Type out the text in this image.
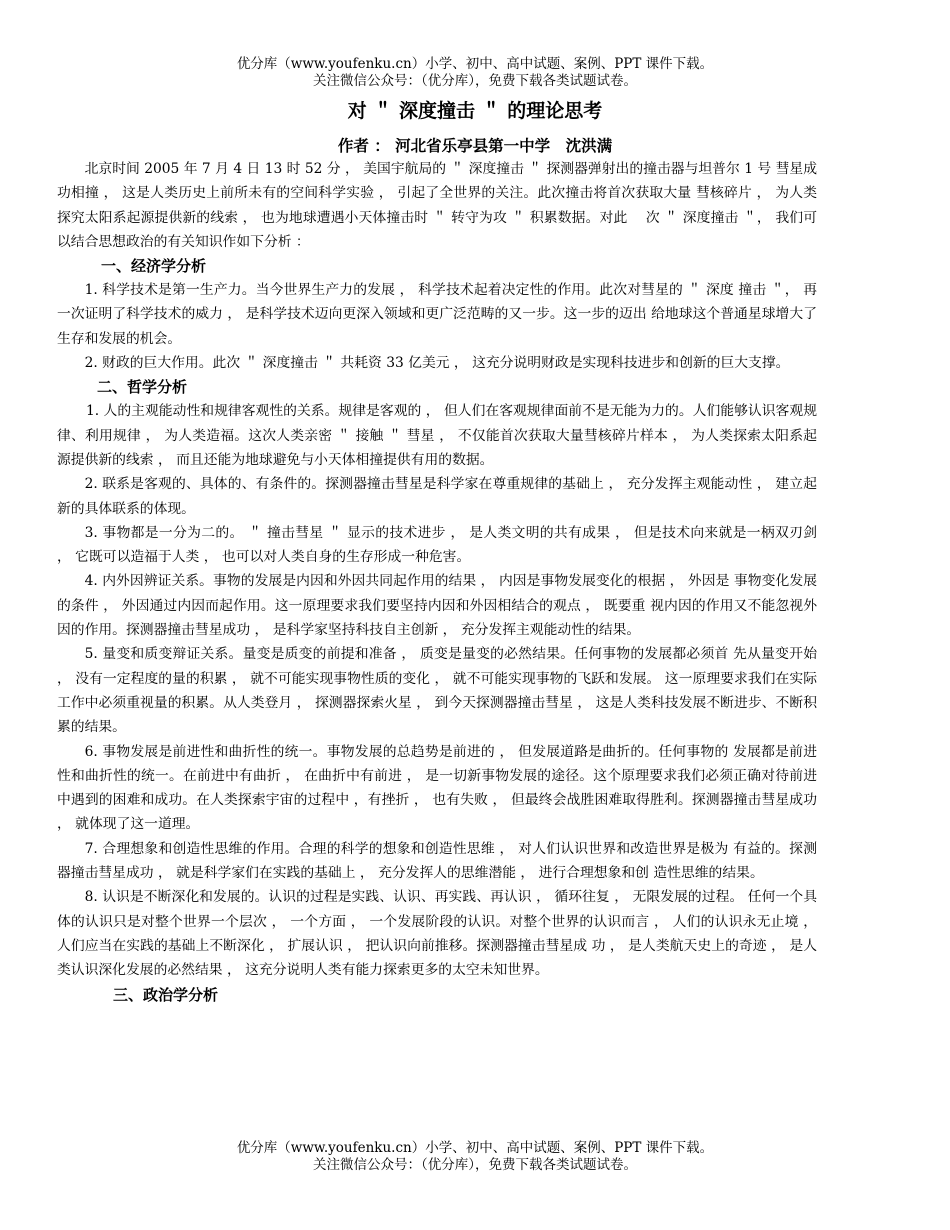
优分库（www.youfenku.cn）小学、初中、高中试题、案例、PPT 课件下载。
关注微信公众号：（优分库），免费下载各类试题试卷。
对 ＂ 深度撞击 ＂ 的理论思考
作者 ： 河北省乐亭县第一中学　沈洪满

北京时间 2005 年 7 月 4 日 13 时 52 分 ， 美国宇航局的 ＂ 深度撞击 ＂ 探测器弹射出的撞击器与坦普尔 1 号 彗星成功相撞 ， 这是人类历史上前所未有的空间科学实验 ， 引起了全世界的关注。此次撞击将首次获取大量 彗核碎片 ， 为人类探究太阳系起源提供新的线索 ， 也为地球遭遇小天体撞击时 ＂ 转守为攻 ＂ 积累数据。对此　 次 ＂ 深度撞击 ＂， 我们可以结合思想政治的有关知识作如下分析 ：

一、经济学分析

1. 科学技术是第一生产力。当今世界生产力的发展 ， 科学技术起着决定性的作用。此次对彗星的 ＂ 深度 撞击 ＂， 再一次证明了科学技术的威力 ， 是科学技术迈向更深入领域和更广泛范畴的又一步。这一步的迈出 给地球这个普通星球增大了生存和发展的机会。

2. 财政的巨大作用。此次 ＂ 深度撞击 ＂ 共耗资 33 亿美元 ， 这充分说明财政是实现科技进步和创新的巨大支撑。

二、哲学分析

1. 人的主观能动性和规律客观性的关系。规律是客观的 ， 但人们在客观规律面前不是无能为力的。人们能够认识客观规律、利用规律 ， 为人类造福。这次人类亲密 ＂ 接触 ＂ 彗星 ， 不仅能首次获取大量彗核碎片样本 ， 为人类探索太阳系起源提供新的线索 ， 而且还能为地球避免与小天体相撞提供有用的数据。

2. 联系是客观的、具体的、有条件的。探测器撞击彗星是科学家在尊重规律的基础上 ， 充分发挥主观能动性 ， 建立起新的具体联系的体现。

3. 事物都是一分为二的。 ＂ 撞击彗星 ＂ 显示的技术进步 ， 是人类文明的共有成果 ， 但是技术向来就是一柄双刃剑 ， 它既可以造福于人类 ， 也可以对人类自身的生存形成一种危害。

4. 内外因辨证关系。事物的发展是内因和外因共同起作用的结果 ， 内因是事物发展变化的根据 ， 外因是 事物变化发展的条件 ， 外因通过内因而起作用。这一原理要求我们要坚持内因和外因相结合的观点 ， 既要重 视内因的作用又不能忽视外因的作用。探测器撞击彗星成功 ， 是科学家坚持科技自主创新 ， 充分发挥主观能动性的结果。

5. 量变和质变辩证关系。量变是质变的前提和准备 ， 质变是量变的必然结果。任何事物的发展都必须首 先从量变开始 ， 没有一定程度的量的积累 ， 就不可能实现事物性质的变化 ， 就不可能实现事物的飞跃和发展。 这一原理要求我们在实际工作中必须重视量的积累。从人类登月 ， 探测器探索火星 ， 到今天探测器撞击彗星 ， 这是人类科技发展不断进步、不断积累的结果。

6. 事物发展是前进性和曲折性的统一。事物发展的总趋势是前进的 ， 但发展道路是曲折的。任何事物的 发展都是前进性和曲折性的统一。在前进中有曲折 ， 在曲折中有前进 ， 是一切新事物发展的途径。这个原理要求我们必须正确对待前进中遇到的困难和成功。在人类探索宇宙的过程中 ，有挫折 ， 也有失败 ， 但最终会战胜困难取得胜利。探测器撞击彗星成功 ， 就体现了这一道理。

7. 合理想象和创造性思维的作用。合理的科学的想象和创造性思维 ， 对人们认识世界和改造世界是极为 有益的。探测器撞击彗星成功 ， 就是科学家们在实践的基础上 ， 充分发挥人的思维潜能 ， 进行合理想象和创 造性思维的结果。

8. 认识是不断深化和发展的。认识的过程是实践、认识、再实践、再认识 ， 循环往复 ， 无限发展的过程。 任何一个具体的认识只是对整个世界一个层次 ， 一个方面 ， 一个发展阶段的认识。对整个世界的认识而言 ， 人们的认识永无止境 ， 人们应当在实践的基础上不断深化 ， 扩展认识 ， 把认识向前推移。探测器撞击彗星成 功 ， 是人类航天史上的奇迹 ， 是人类认识深化发展的必然结果 ， 这充分说明人类有能力探索更多的太空未知世界。

三、政治学分析
优分库（www.youfenku.cn）小学、初中、高中试题、案例、PPT 课件下载。
关注微信公众号：（优分库），免费下载各类试题试卷。
